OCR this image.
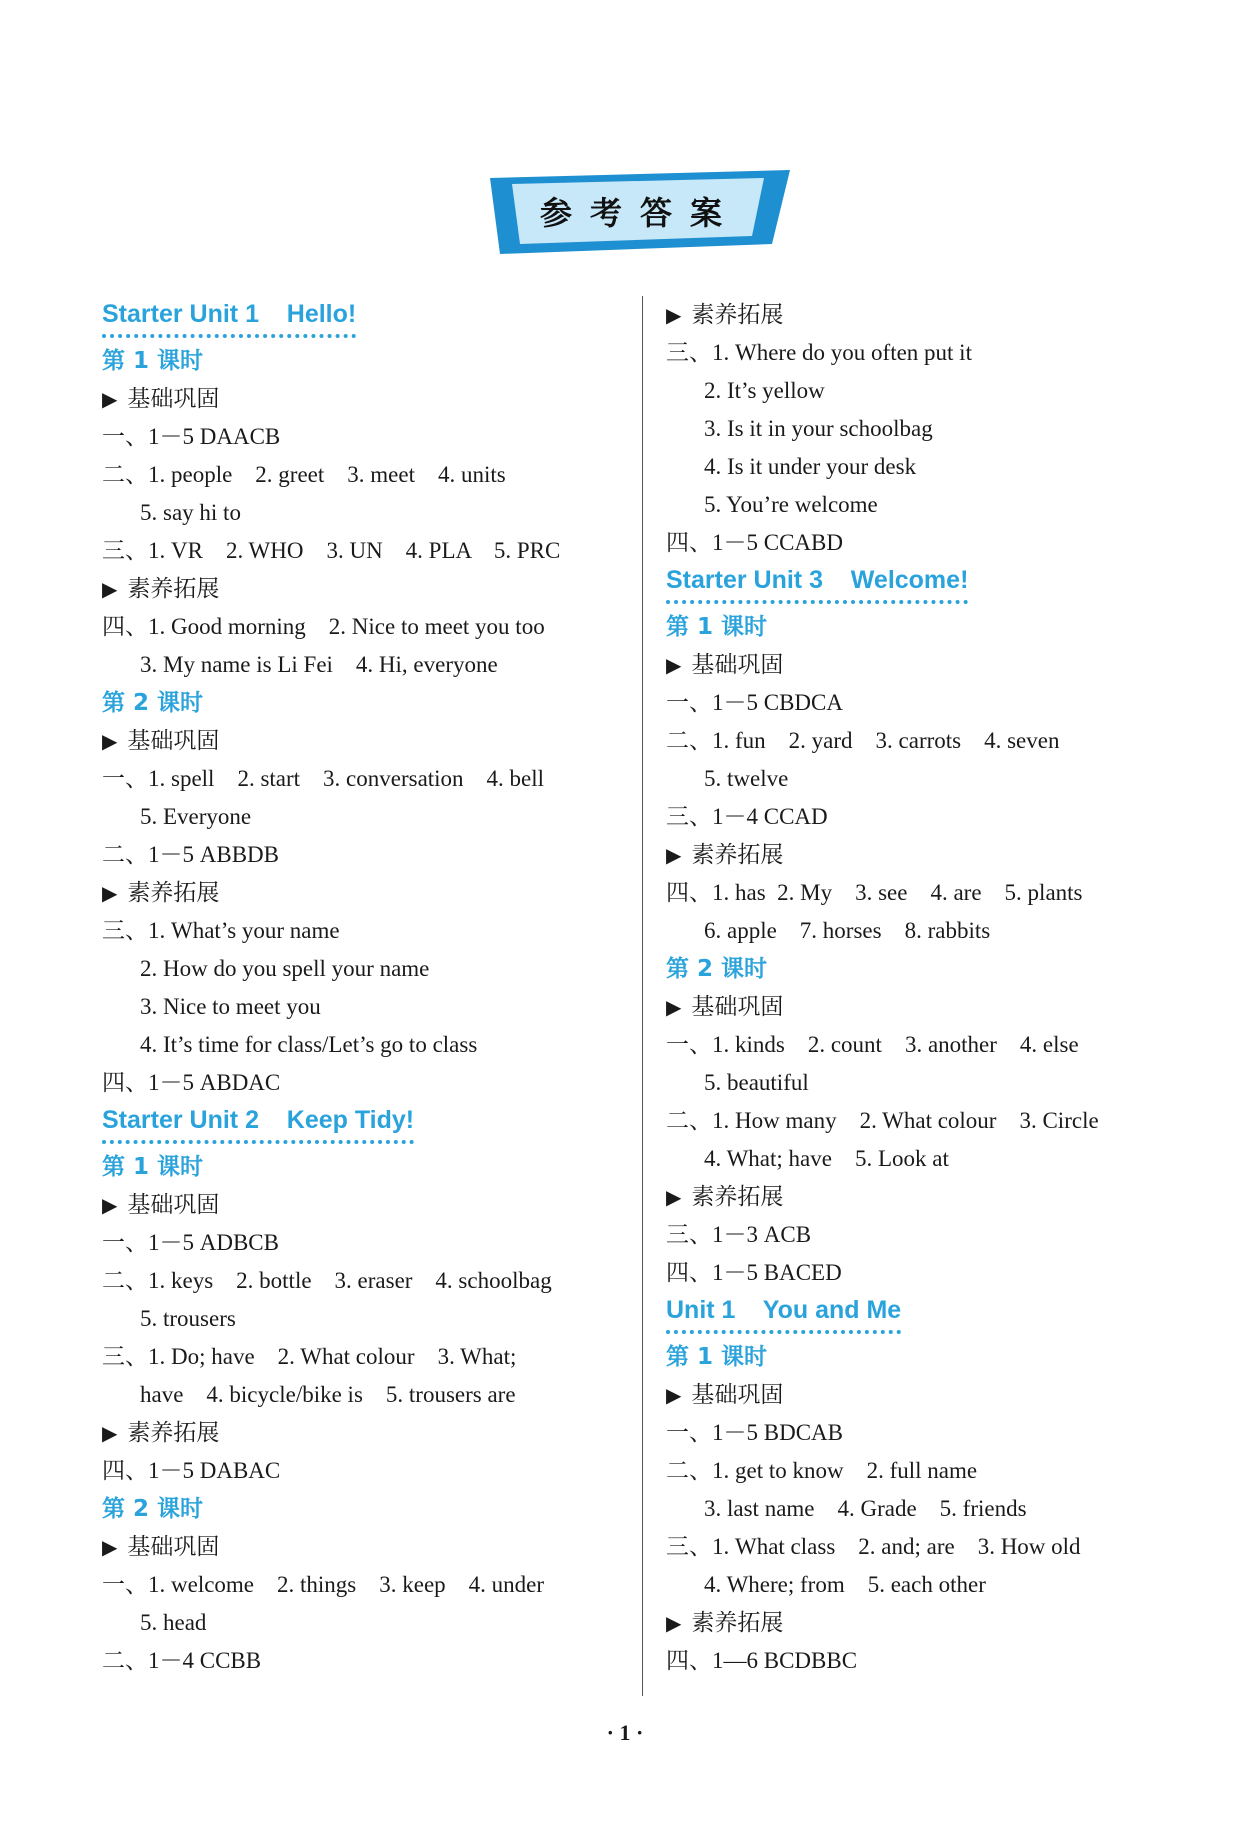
参考答案
Starter Unit 1    Hello!
第 1 课时
▶ 基础巩固
一、1－5 DAACB
二、1. people    2. greet    3. meet    4. units
5. say hi to
三、1. VR    2. WHO    3. UN    4. PLA    5. PRC
▶ 素养拓展
四、1. Good morning    2. Nice to meet you too
3. My name is Li Fei    4. Hi, everyone
第 2 课时
▶ 基础巩固
一、1. spell    2. start    3. conversation    4. bell
5. Everyone
二、1－5 ABBDB
▶ 素养拓展
三、1. What’s your name
2. How do you spell your name
3. Nice to meet you
4. It’s time for class/Let’s go to class
四、1－5 ABDAC
Starter Unit 2    Keep Tidy!
第 1 课时
▶ 基础巩固
一、1－5 ADBCB
二、1. keys    2. bottle    3. eraser    4. schoolbag
5. trousers
三、1. Do; have    2. What colour    3. What;
have    4. bicycle/bike is    5. trousers are
▶ 素养拓展
四、1－5 DABAC
第 2 课时
▶ 基础巩固
一、1. welcome    2. things    3. keep    4. under
5. head
二、1－4 CCBB
▶ 素养拓展
三、1. Where do you often put it
2. It’s yellow
3. Is it in your schoolbag
4. Is it under your desk
5. You’re welcome
四、1－5 CCABD
Starter Unit 3    Welcome!
第 1 课时
▶ 基础巩固
一、1－5 CBDCA
二、1. fun    2. yard    3. carrots    4. seven
5. twelve
三、1－4 CCAD
▶ 素养拓展
四、1. has  2. My    3. see    4. are    5. plants
6. apple    7. horses    8. rabbits
第 2 课时
▶ 基础巩固
一、1. kinds    2. count    3. another    4. else
5. beautiful
二、1. How many    2. What colour    3. Circle
4. What; have    5. Look at
▶ 素养拓展
三、1－3 ACB
四、1－5 BACED
Unit 1    You and Me
第 1 课时
▶ 基础巩固
一、1－5 BDCAB
二、1. get to know    2. full name
3. last name    4. Grade    5. friends
三、1. What class    2. and; are    3. How old
4. Where; from    5. each other
▶ 素养拓展
四、1—6 BCDBBC
· 1 ·
